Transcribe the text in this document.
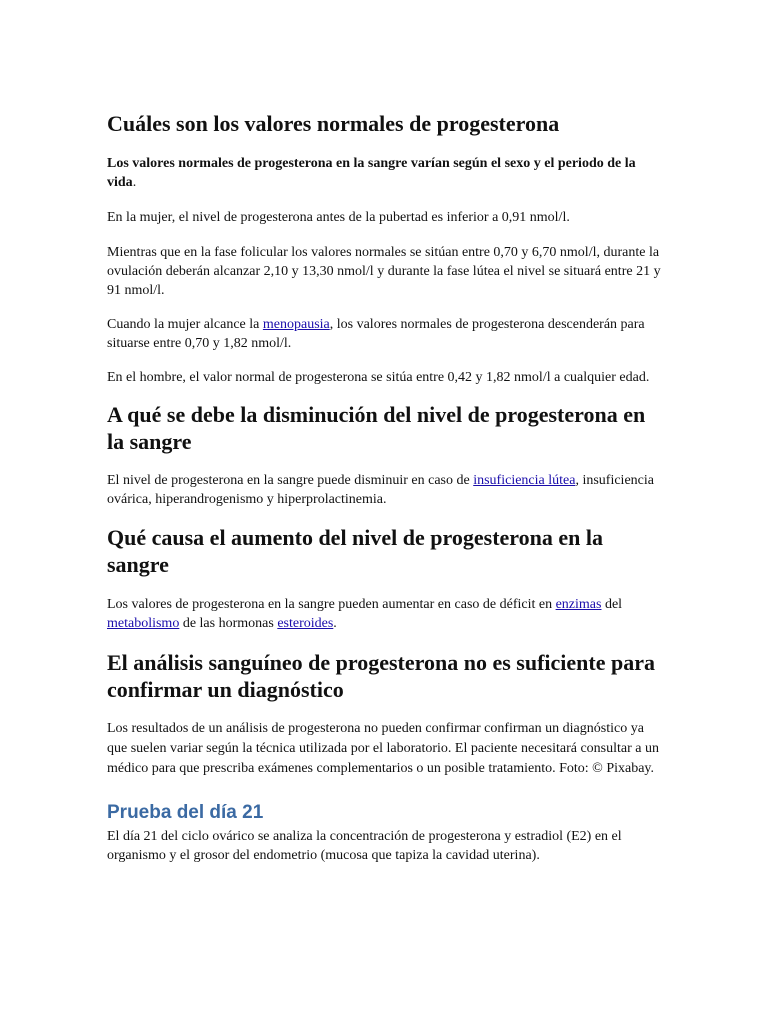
Cuáles son los valores normales de progesterona

Los valores normales de progesterona en la sangre varían según el sexo y el periodo de la vida.

En la mujer, el nivel de progesterona antes de la pubertad es inferior a 0,91 nmol/l.

Mientras que en la fase folicular los valores normales se sitúan entre 0,70 y 6,70 nmol/l, durante la ovulación deberán alcanzar 2,10 y 13,30 nmol/l y durante la fase lútea el nivel se situará entre 21 y 91 nmol/l.

Cuando la mujer alcance la menopausia, los valores normales de progesterona descenderán para situarse entre 0,70 y 1,82 nmol/l.

En el hombre, el valor normal de progesterona se sitúa entre 0,42 y 1,82 nmol/l a cualquier edad.

A qué se debe la disminución del nivel de progesterona en la sangre

El nivel de progesterona en la sangre puede disminuir en caso de insuficiencia lútea, insuficiencia ovárica, hiperandrogenismo y hiperprolactinemia.

Qué causa el aumento del nivel de progesterona en la sangre

Los valores de progesterona en la sangre pueden aumentar en caso de déficit en enzimas del metabolismo de las hormonas esteroides.

El análisis sanguíneo de progesterona no es suficiente para confirmar un diagnóstico

Los resultados de un análisis de progesterona no pueden confirmar confirman un diagnóstico ya que suelen variar según la técnica utilizada por el laboratorio. El paciente necesitará consultar a un médico para que prescriba exámenes complementarios o un posible tratamiento. Foto: © Pixabay.

Prueba del día 21

El día 21 del ciclo ovárico se analiza la concentración de progesterona y estradiol (E2) en el organismo y el grosor del endometrio (mucosa que tapiza la cavidad uterina).
